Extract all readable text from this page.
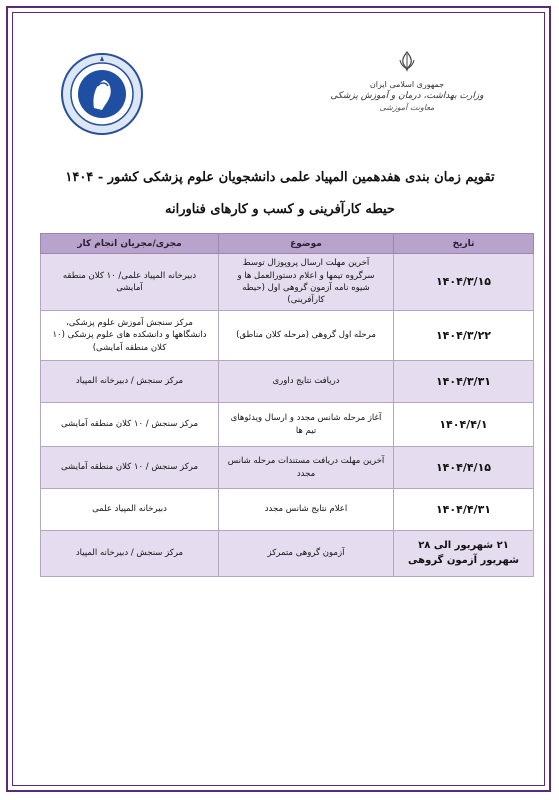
جمهوری اسلامی ایران
وزارت بهداشت، درمان و آموزش پزشکی
معاونت آموزشی
تقویم زمان بندی هفدهمین المپیاد علمی دانشجویان علوم پزشکی کشور - ۱۴۰۴
حیطه کارآفرینی و کسب و کارهای فناورانه
تاریخ	موضوع	مجری/مجریان انجام کار
۱۴۰۴/۳/۱۵	آخرین مهلت ارسال پروپوزال توسط سرگروه تیمها و اعلام دستورالعمل ها و شیوه نامه آزمون گروهی اول (حیطه کارآفرینی)	دبیرخانه المپیاد علمی/ ۱۰ کلان منطقه آمایشی
۱۴۰۴/۳/۲۲	مرحله اول گروهی (مرحله کلان مناطق)	مرکز سنجش آموزش علوم پزشکی، دانشگاهها و دانشکده های علوم پزشکی (۱۰ کلان منطقه آمایشی)
۱۴۰۴/۳/۳۱	دریافت نتایج داوری	مرکز سنجش / دبیرخانه المپیاد
۱۴۰۴/۴/۱	آغاز مرحله شانس مجدد و ارسال ویدئوهای تیم ها	مرکز سنجش / ۱۰ کلان منطقه آمایشی
۱۴۰۴/۴/۱۵	آخرین مهلت دریافت مستندات مرحله شانس مجدد	مرکز سنجش / ۱۰ کلان منطقه آمایشی
۱۴۰۴/۴/۳۱	اعلام نتایج شانس مجدد	دبیرخانه المپیاد علمی
۲۱ شهریور الی ۲۸ شهریور آزمون گروهی	آزمون گروهی متمرکز	مرکز سنجش / دبیرخانه المپیاد
